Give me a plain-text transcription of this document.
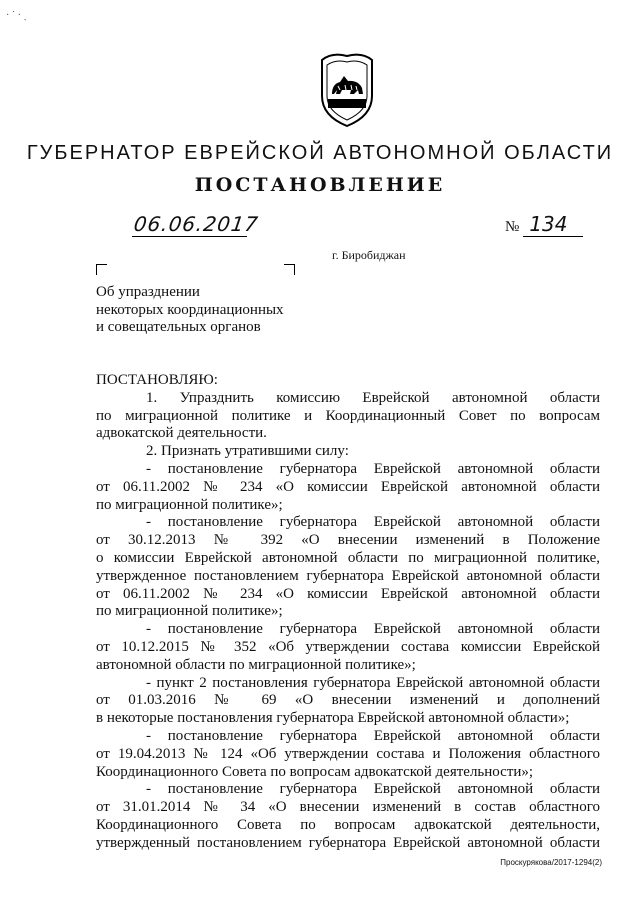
· ˙ · ˏ
ГУБЕРНАТОР ЕВРЕЙСКОЙ АВТОНОМНОЙ ОБЛАСТИ
ПОСТАНОВЛЕНИЕ
06.06.2017	№ 134
г. Биробиджан
Об упразднении
некоторых координационных
и совещательных органов

ПОСТАНОВЛЯЮ:

1. Упразднить комиссию Еврейской автономной области

по миграционной политике и Координационный Совет по вопросам

адвокатской деятельности.

2. Признать утратившими силу:

- постановление губернатора Еврейской автономной области

от 06.11.2002 № 234 «О комиссии Еврейской автономной области

по миграционной политике»;

- постановление губернатора Еврейской автономной области

от 30.12.2013 № 392 «О внесении изменений в Положение

о комиссии Еврейской автономной области по миграционной политике,

утвержденное постановлением губернатора Еврейской автономной области

от 06.11.2002 № 234 «О комиссии Еврейской автономной области

по миграционной политике»;

- постановление губернатора Еврейской автономной области

от 10.12.2015 № 352 «Об утверждении состава комиссии Еврейской

автономной области по миграционной политике»;

- пункт 2 постановления губернатора Еврейской автономной области

от 01.03.2016 № 69 «О внесении изменений и дополнений

в некоторые постановления губернатора Еврейской автономной области»;

- постановление губернатора Еврейской автономной области

от 19.04.2013 № 124 «Об утверждении состава и Положения областного

Координационного Совета по вопросам адвокатской деятельности»;

- постановление губернатора Еврейской автономной области

от 31.01.2014 № 34 «О внесении изменений в состав областного

Координационного Совета по вопросам адвокатской деятельности,

утвержденный постановлением губернатора Еврейской автономной области

Проскурякова/2017-1294(2)
